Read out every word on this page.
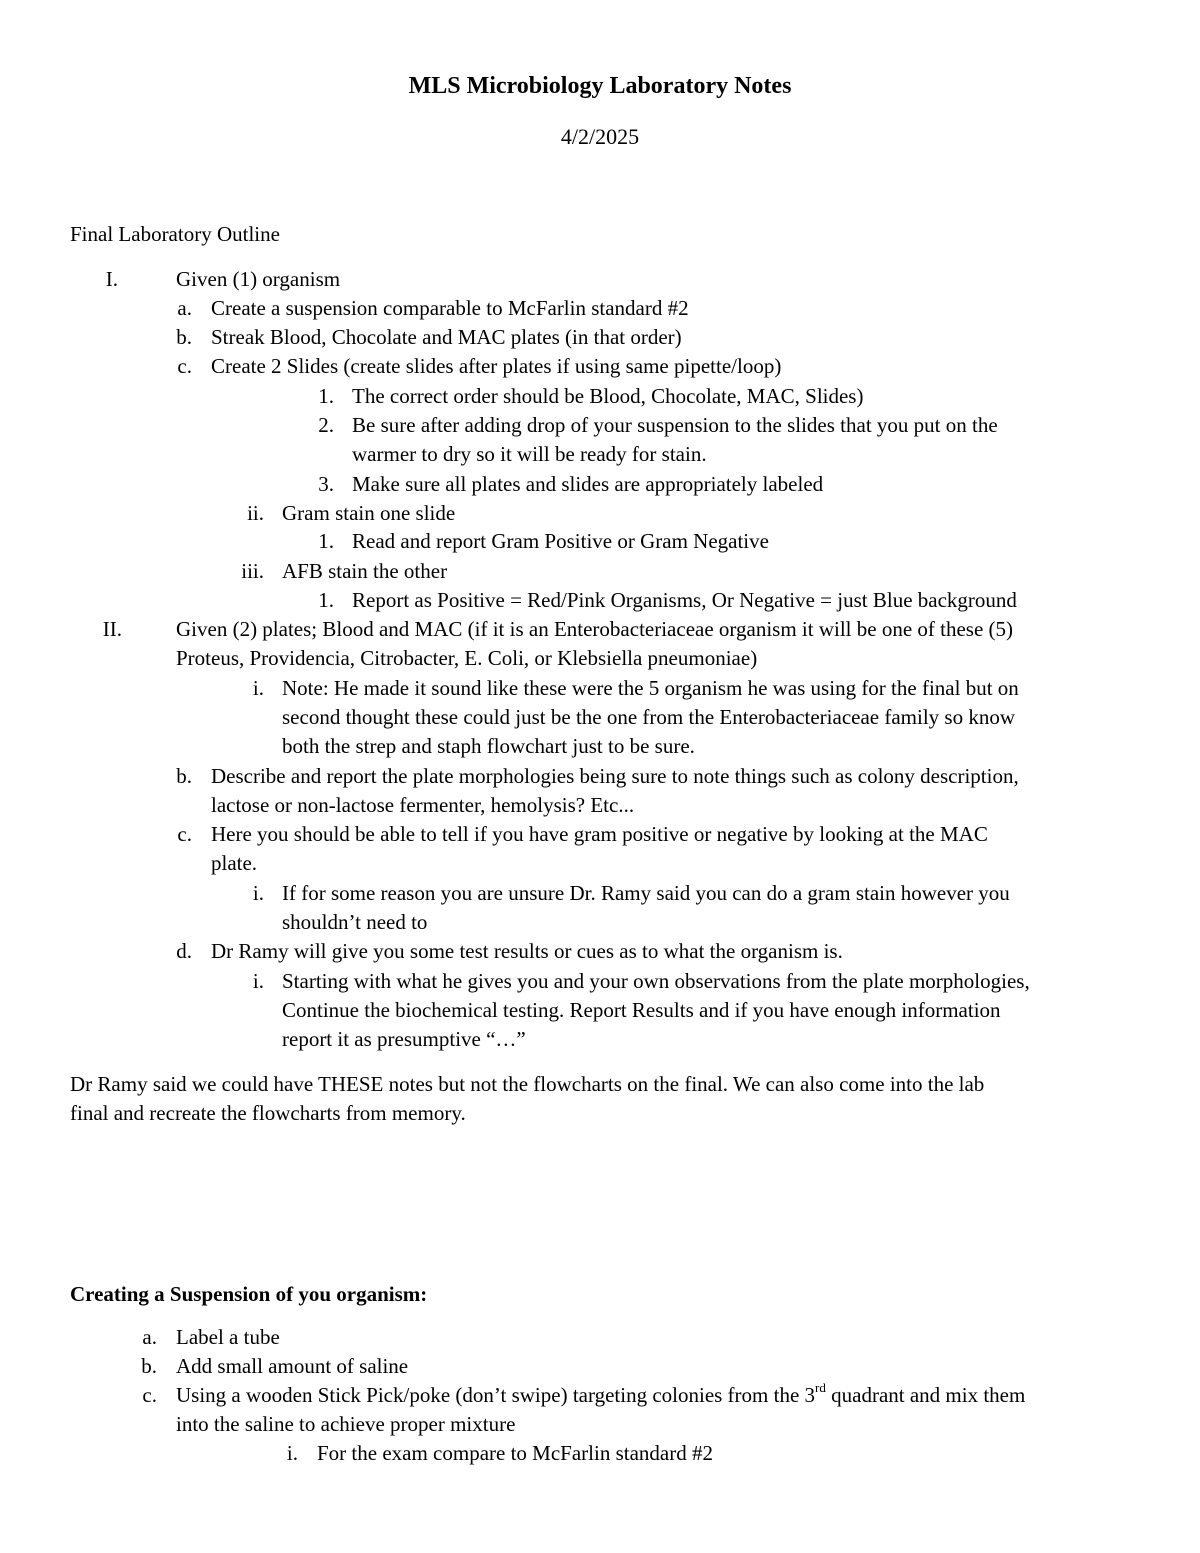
MLS Microbiology Laboratory Notes
4/2/2025
Final Laboratory Outline
I.	Given (1) organism
a. Create a suspension comparable to McFarlin standard #2
b. Streak Blood, Chocolate and MAC plates (in that order)
c. Create 2 Slides (create slides after plates if using same pipette/loop)
1. The correct order should be Blood, Chocolate, MAC, Slides)
2. Be sure after adding drop of your suspension to the slides that you put on the
warmer to dry so it will be ready for stain.
3. Make sure all plates and slides are appropriately labeled
ii. Gram stain one slide
1. Read and report Gram Positive or Gram Negative
iii. AFB stain the other
1. Report as Positive = Red/Pink Organisms, Or Negative = just Blue background
II.	Given (2) plates; Blood and MAC (if it is an Enterobacteriaceae organism it will be one of these (5)
Proteus, Providencia, Citrobacter, E. Coli, or Klebsiella pneumoniae)
i. Note: He made it sound like these were the 5 organism he was using for the final but on
second thought these could just be the one from the Enterobacteriaceae family so know
both the strep and staph flowchart just to be sure.
b. Describe and report the plate morphologies being sure to note things such as colony description,
lactose or non-lactose fermenter, hemolysis? Etc...
c. Here you should be able to tell if you have gram positive or negative by looking at the MAC
plate.
i. If for some reason you are unsure Dr. Ramy said you can do a gram stain however you
shouldn’t need to
d. Dr Ramy will give you some test results or cues as to what the organism is.
i. Starting with what he gives you and your own observations from the plate morphologies,
Continue the biochemical testing. Report Results and if you have enough information
report it as presumptive “…”
Dr Ramy said we could have THESE notes but not the flowcharts on the final. We can also come into the lab
final and recreate the flowcharts from memory.
Creating a Suspension of you organism:
a. Label a tube
b. Add small amount of saline
c. Using a wooden Stick Pick/poke (don’t swipe) targeting colonies from the 3rd quadrant and mix them
into the saline to achieve proper mixture
i. For the exam compare to McFarlin standard #2
